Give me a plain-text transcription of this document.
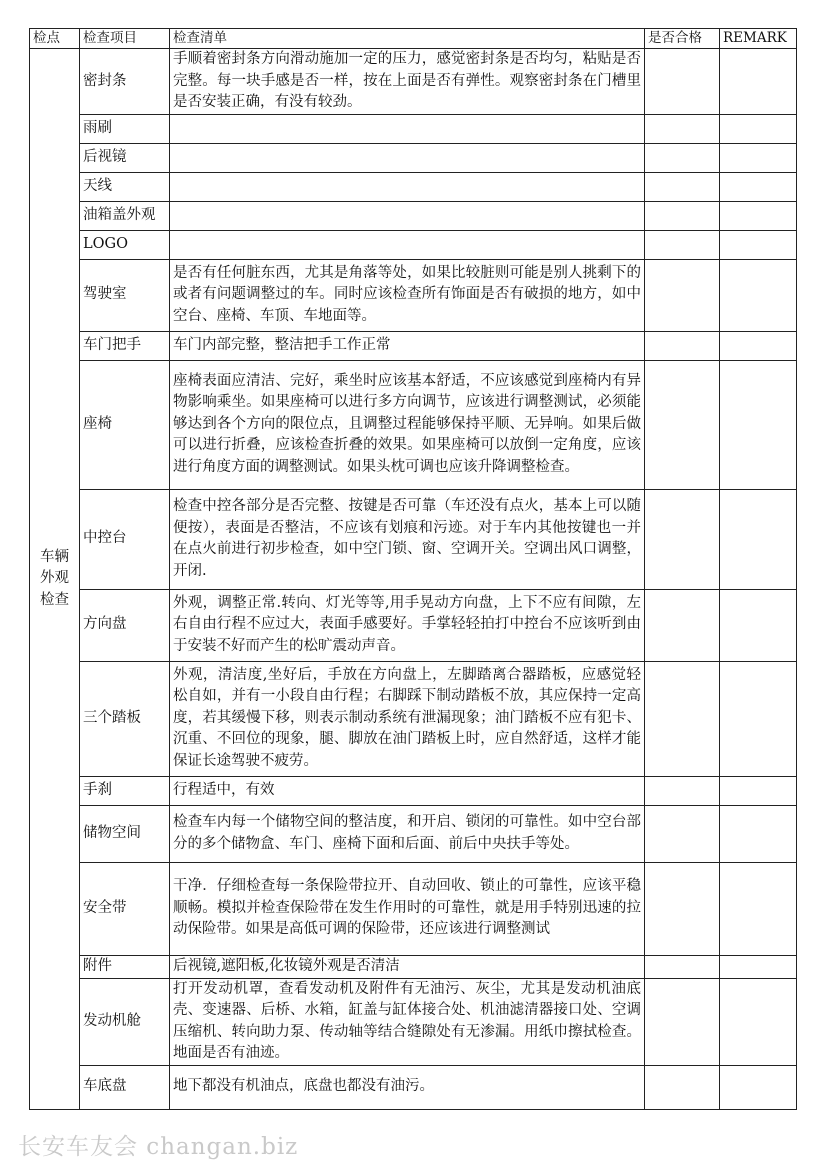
检点	检查项目	检查清单	是否合格	REMARK
车辆外观检查	密封条	手顺着密封条方向滑动施加一定的压力，感觉密封条是否均匀，粘贴是否完整。每一块手感是否一样，按在上面是否有弹性。观察密封条在门槽里是否安装正确，有没有较劲。		
	雨刷			
	后视镜			
	天线			
	油箱盖外观			
	LOGO			
	驾驶室	是否有任何脏东西，尤其是角落等处，如果比较脏则可能是别人挑剩下的或者有问题调整过的车。同时应该检查所有饰面是否有破损的地方，如中空台、座椅、车顶、车地面等。		
	车门把手	车门内部完整，整洁把手工作正常		
	座椅	座椅表面应清洁、完好，乘坐时应该基本舒适，不应该感觉到座椅内有异物影响乘坐。如果座椅可以进行多方向调节，应该进行调整测试，必须能够达到各个方向的限位点，且调整过程能够保持平顺、无异响。如果后做可以进行折叠，应该检查折叠的效果。如果座椅可以放倒一定角度，应该进行角度方面的调整测试。如果头枕可调也应该升降调整检查。		
	中控台	检查中控各部分是否完整、按键是否可靠（车还没有点火，基本上可以随便按），表面是否整洁，不应该有划痕和污迹。对于车内其他按键也一并在点火前进行初步检查，如中空门锁、窗、空调开关。空调出风口调整，开闭.		
	方向盘	外观，调整正常.转向、灯光等等,用手晃动方向盘，上下不应有间隙，左右自由行程不应过大，表面手感要好。手掌轻轻拍打中控台不应该听到由于安装不好而产生的松旷震动声音。		
	三个踏板	外观，清洁度,坐好后，手放在方向盘上，左脚踏离合器踏板，应感觉轻松自如，并有一小段自由行程；右脚踩下制动踏板不放，其应保持一定高度，若其缓慢下移，则表示制动系统有泄漏现象；油门踏板不应有犯卡、沉重、不回位的现象，腿、脚放在油门踏板上时，应自然舒适，这样才能保证长途驾驶不疲劳。		
	手刹	行程适中，有效		
	储物空间	检查车内每一个储物空间的整洁度，和开启、锁闭的可靠性。如中空台部分的多个储物盒、车门、座椅下面和后面、前后中央扶手等处。		
	安全带	干净．仔细检查每一条保险带拉开、自动回收、锁止的可靠性，应该平稳顺畅。模拟并检查保险带在发生作用时的可靠性，就是用手特别迅速的拉动保险带。如果是高低可调的保险带，还应该进行调整测试		
	附件	后视镜,遮阳板,化妆镜外观是否清洁		
	发动机舱	打开发动机罩，查看发动机及附件有无油污、灰尘，尤其是发动机油底壳、变速器、后桥、水箱，缸盖与缸体接合处、机油滤清器接口处、空调压缩机、转向助力泵、传动轴等结合缝隙处有无渗漏。用纸巾擦拭检查。地面是否有油迹。		
	车底盘	地下都没有机油点，底盘也都没有油污。		
长安车友会 changan.biz
